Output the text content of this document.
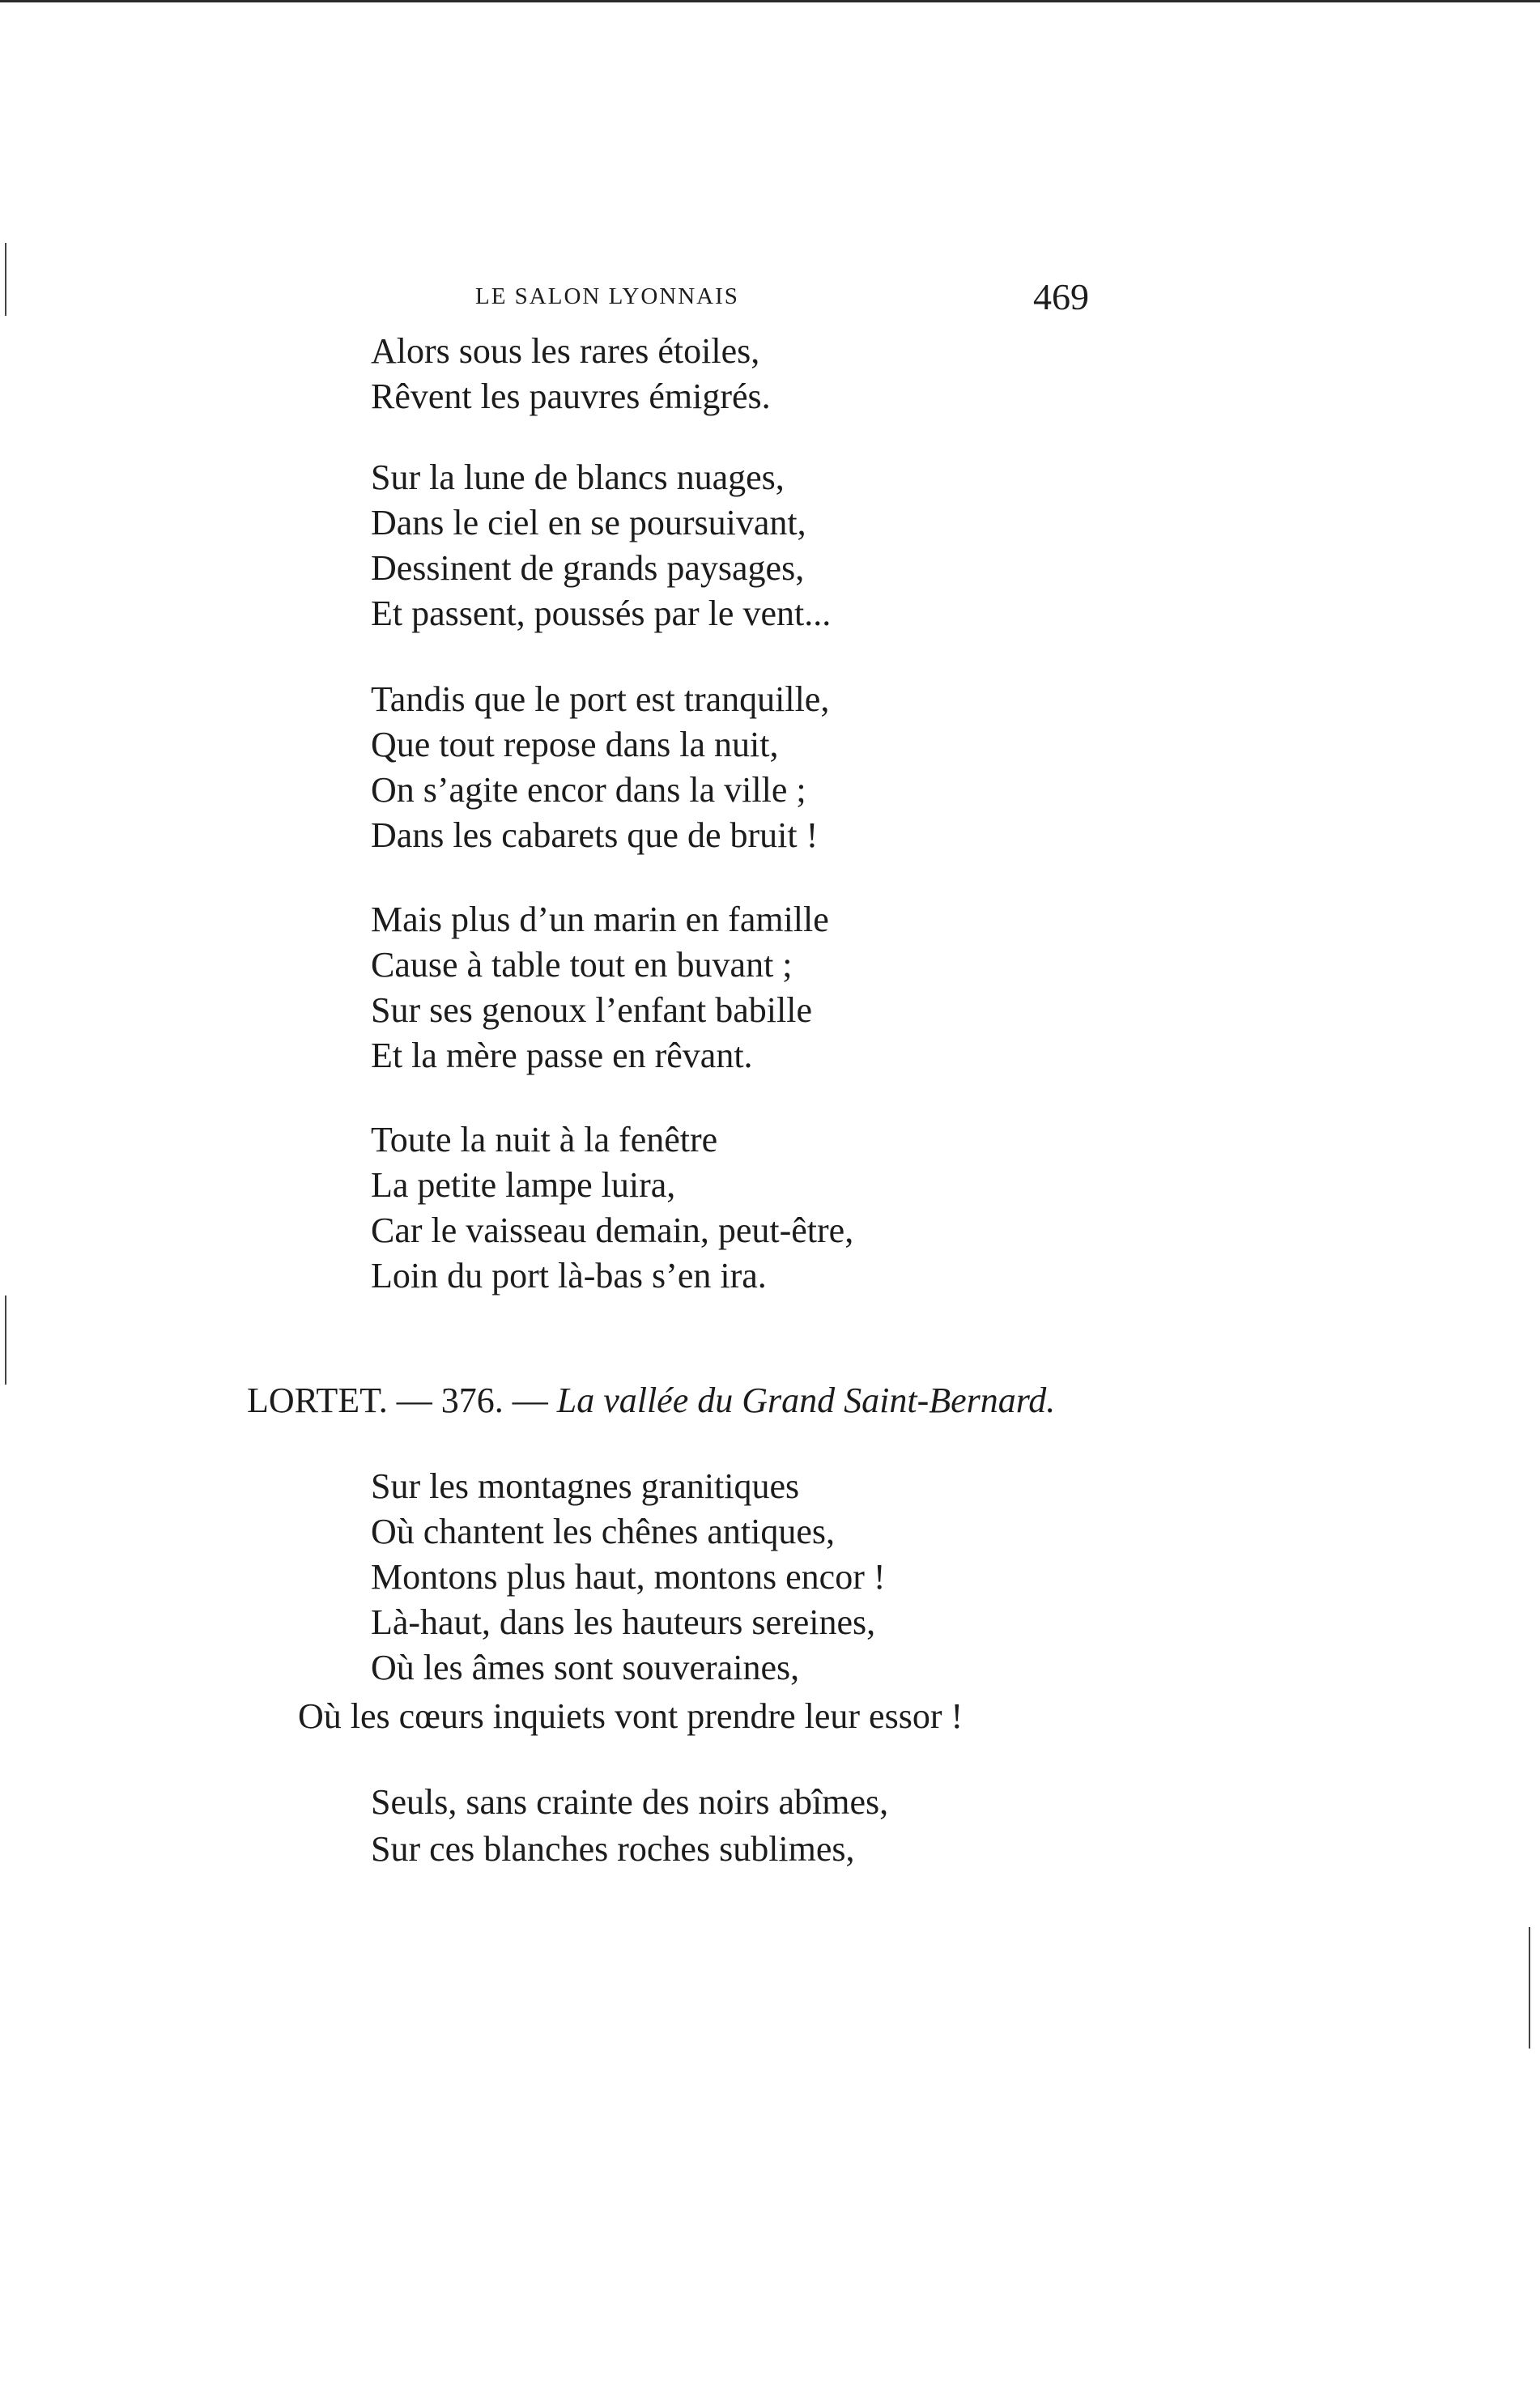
LE SALON LYONNAIS	469
Alors sous les rares étoiles,
Rêvent les pauvres émigrés.
Sur la lune de blancs nuages,
Dans le ciel en se poursuivant,
Dessinent de grands paysages,
Et passent, poussés par le vent...
Tandis que le port est tranquille,
Que tout repose dans la nuit,
On s’agite encor dans la ville ;
Dans les cabarets que de bruit !
Mais plus d’un marin en famille
Cause à table tout en buvant ;
Sur ses genoux l’enfant babille
Et la mère passe en rêvant.
Toute la nuit à la fenêtre
La petite lampe luira,
Car le vaisseau demain, peut-être,
Loin du port là-bas s’en ira.
LORTET. — 376. — La vallée du Grand Saint-Bernard.
Sur les montagnes granitiques
Où chantent les chênes antiques,
Montons plus haut, montons encor !
Là-haut, dans les hauteurs sereines,
Où les âmes sont souveraines,
Où les cœurs inquiets vont prendre leur essor !
Seuls, sans crainte des noirs abîmes,
Sur ces blanches roches sublimes,
